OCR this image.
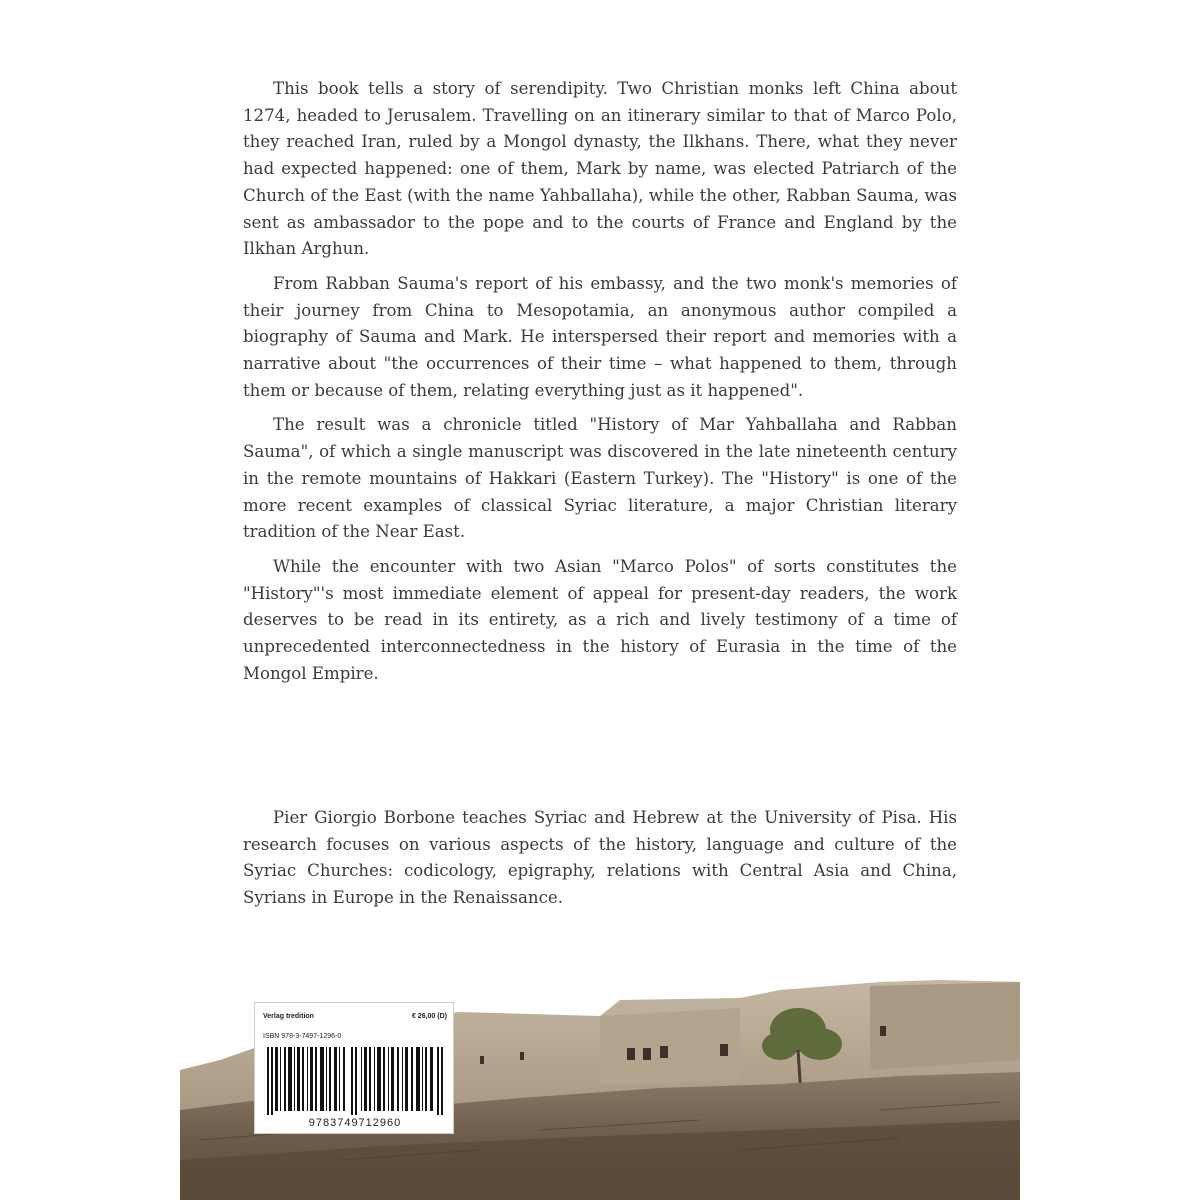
This book tells a story of serendipity. Two Christian monks left China about 1274, headed to Jerusalem. Travelling on an itinerary similar to that of Marco Polo, they reached Iran, ruled by a Mongol dynasty, the Ilkhans. There, what they never had expected happened: one of them, Mark by name, was elected Patriarch of the Church of the East (with the name Yahballaha), while the other, Rabban Sauma, was sent as ambassador to the pope and to the courts of France and England by the Ilkhan Arghun.

From Rabban Sauma's report of his embassy, and the two monk's memories of their journey from China to Mesopotamia, an anonymous author compiled a biography of Sauma and Mark. He interspersed their report and memories with a narrative about "the occurrences of their time – what happened to them, through them or because of them, relating everything just as it happened".

The result was a chronicle titled "History of Mar Yahballaha and Rabban Sauma", of which a single manuscript was discovered in the late nineteenth century in the remote mountains of Hakkari (Eastern Turkey). The "History" is one of the more recent examples of classical Syriac literature, a major Christian literary tradition of the Near East.

While the encounter with two Asian "Marco Polos" of sorts constitutes the "History"'s most immediate element of appeal for present-day readers, the work deserves to be read in its entirety, as a rich and lively testimony of a time of unprecedented interconnectedness in the history of Eurasia in the time of the Mongol Empire.

Pier Giorgio Borbone teaches Syriac and Hebrew at the University of Pisa. His research focuses on various aspects of the history, language and culture of the Syriac Churches: codicology, epigraphy, relations with Central Asia and China, Syrians in Europe in the Renaissance.

Verlag tredition	€ 26,00 (D)
ISBN 978-3-7497-1296-0
9783749712960
